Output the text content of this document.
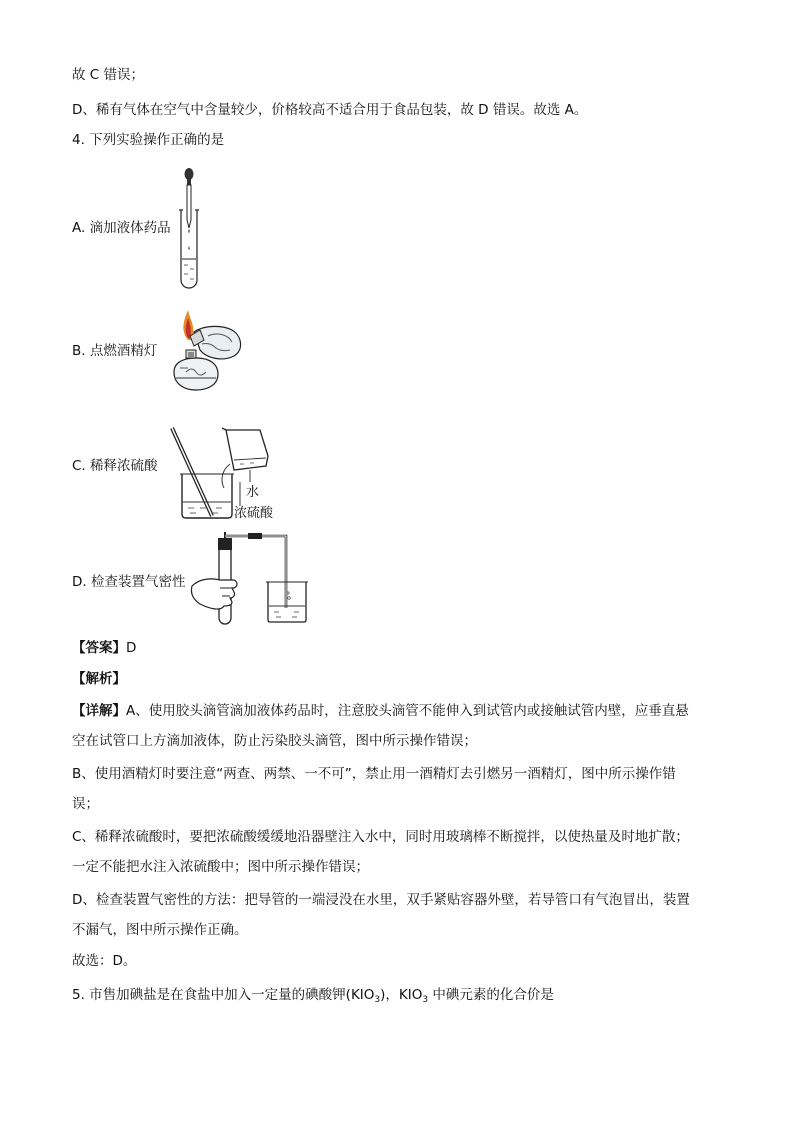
故 C 错误；
D、稀有气体在空气中含量较少，价格较高不适合用于食品包装，故 D 错误。故选 A。
4. 下列实验操作正确的是
A. 滴加液体药品
B. 点燃酒精灯
C. 稀释浓硫酸
水
浓硫酸
D. 检查装置气密性
【答案】D
【解析】
【详解】A、使用胶头滴管滴加液体药品时，注意胶头滴管不能伸入到试管内或接触试管内壁，应垂直悬
空在试管口上方滴加液体，防止污染胶头滴管，图中所示操作错误；
B、使用酒精灯时要注意“两查、两禁、一不可”，禁止用一酒精灯去引燃另一酒精灯，图中所示操作错
误；
C、稀释浓硫酸时，要把浓硫酸缓缓地沿器壁注入水中，同时用玻璃棒不断搅拌，以使热量及时地扩散；
一定不能把水注入浓硫酸中；图中所示操作错误；
D、检查装置气密性的方法：把导管的一端浸没在水里，双手紧贴容器外壁，若导管口有气泡冒出，装置
不漏气，图中所示操作正确。
故选：D。
5. 市售加碘盐是在食盐中加入一定量的碘酸钾$(KIO_3)$，$KIO_3$ 中碘元素的化合价是
